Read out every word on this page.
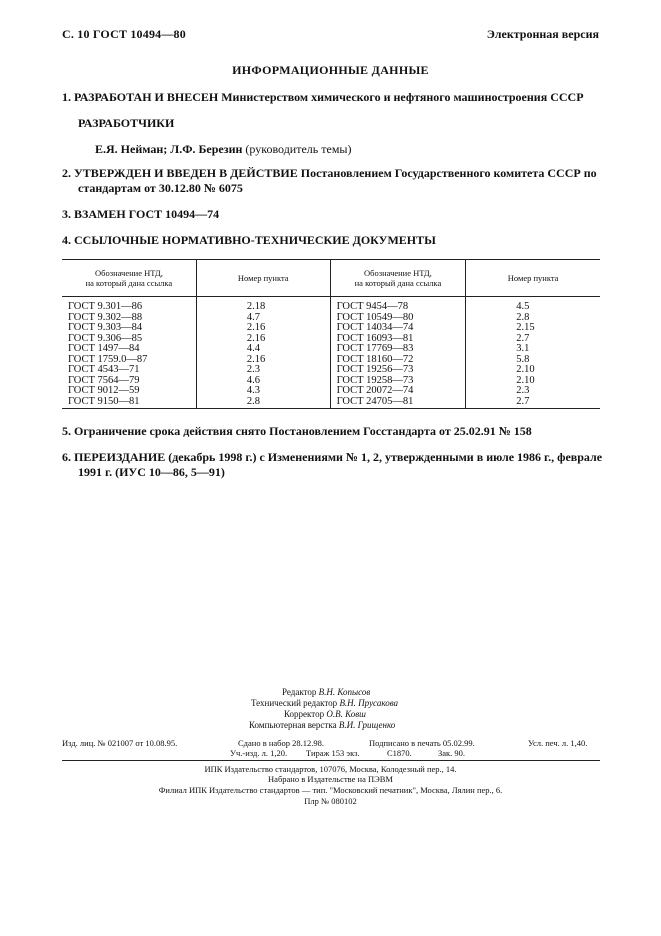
С. 10 ГОСТ 10494—80	Электронная версия
ИНФОРМАЦИОННЫЕ ДАННЫЕ
1. РАЗРАБОТАН И ВНЕСЕН Министерством химического и нефтяного машиностроения СССР
РАЗРАБОТЧИКИ
Е.Я. Нейман; Л.Ф. Березин (руководитель темы)
2. УТВЕРЖДЕН И ВВЕДЕН В ДЕЙСТВИЕ Постановлением Государственного комитета СССР по стандартам от 30.12.80 № 6075
3. ВЗАМЕН ГОСТ 10494—74
4. ССЫЛОЧНЫЕ НОРМАТИВНО-ТЕХНИЧЕСКИЕ ДОКУМЕНТЫ
Обозначение НТД,
на который дана ссылка	Номер пункта	Обозначение НТД,
на который дана ссылка	Номер пункта
ГОСТ 9.301—86	2.18	ГОСТ 9454—78	4.5
ГОСТ 9.302—88	4.7	ГОСТ 10549—80	2.8
ГОСТ 9.303—84	2.16	ГОСТ 14034—74	2.15
ГОСТ 9.306—85	2.16	ГОСТ 16093—81	2.7
ГОСТ 1497—84	4.4	ГОСТ 17769—83	3.1
ГОСТ 1759.0—87	2.16	ГОСТ 18160—72	5.8
ГОСТ 4543—71	2.3	ГОСТ 19256—73	2.10
ГОСТ 7564—79	4.6	ГОСТ 19258—73	2.10
ГОСТ 9012—59	4.3	ГОСТ 20072—74	2.3
ГОСТ 9150—81	2.8	ГОСТ 24705—81	2.7
5. Ограничение срока действия снято Постановлением Госстандарта от 25.02.91 № 158
6. ПЕРЕИЗДАНИЕ (декабрь 1998 г.) с Изменениями № 1, 2, утвержденными в июле 1986 г., феврале 1991 г. (ИУС 10—86, 5—91)
Редактор В.Н. Копысов
Технический редактор В.Н. Прусакова
Корректор О.В. Ковш
Компьютерная верстка В.И. Грищенко
Изд. лиц. № 021007 от 10.08.95.	Сдано в набор 28.12.98.	Подписано в печать 05.02.99.	Усл. печ. л. 1,40.
Уч.-изд. л. 1,20. Тираж 153 экз.	С1870.	Зак. 90.
ИПК Издательство стандартов, 107076, Москва, Колодезный пер., 14.
Набрано в Издательстве на ПЭВМ
Филиал ИПК Издательство стандартов — тип. "Московский печатник", Москва, Лялин пер., 6.
Плр № 080102
